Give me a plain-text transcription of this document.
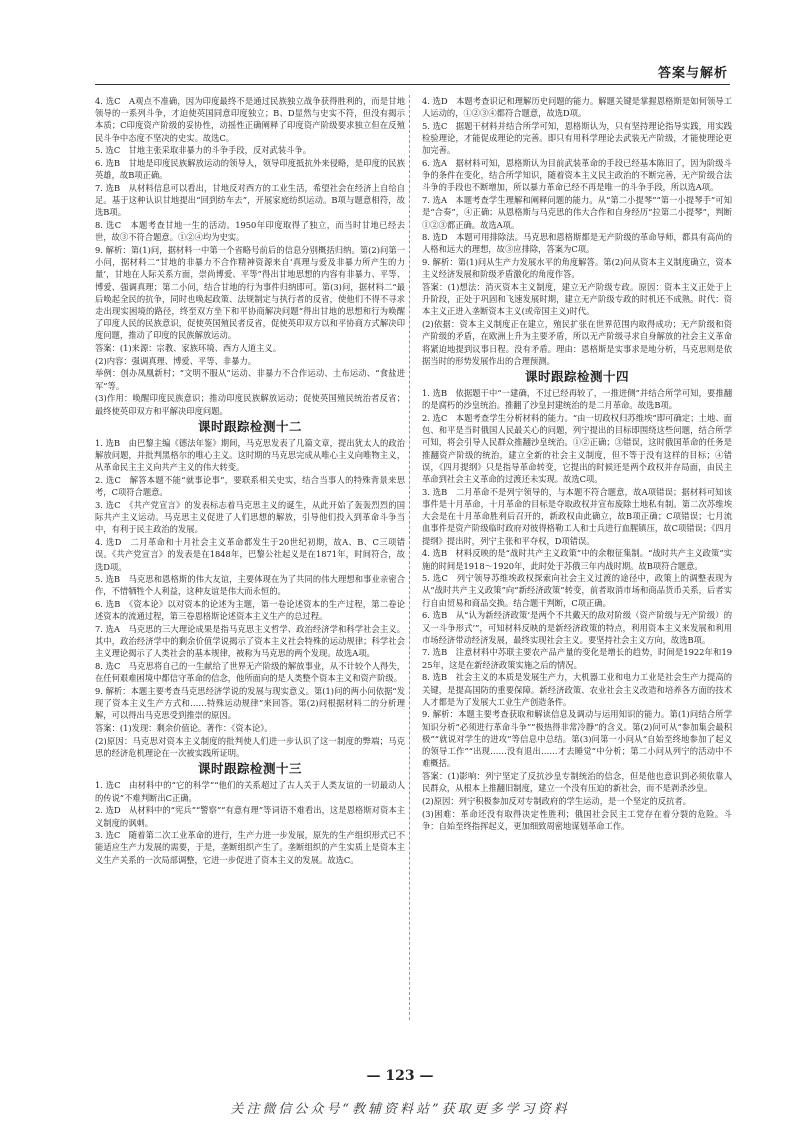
答案与解析
4. 选C　A观点不准确，因为印度最终不是通过民族独立战争获得胜利的，而是甘地领导的一系列斗争，才迫使英国同意印度独立；B、D显然与史实不符，但没有揭示本质；C印度资产阶级的妥协性，动摇性正确阐释了印度资产阶级要求独立但在反殖民斗争中态度不坚决的史实。故选C。
5. 选C　甘地主张采取非暴力的斗争手段，反对武装斗争。
6. 选B　甘地是印度民族解放运动的领导人，领导印度抵抗外来侵略，是印度的民族英雄，故B项正确。
7. 选B　从材料信息可以看出，甘地反对西方的工业生活，希望社会在经济上自给自足。基于这种认识甘地提出“回到纺车去”，开展家庭纺织运动。B项与题意相符，故选B项。
8. 选C　本题考查甘地一生的活动。1950年印度取得了独立，而当时甘地已经去世，故③不符合题意。①②④均为史实。
9. 解析：第(1)问，据材料一中第一个省略号前后的信息分别概括归纳。第(2)问第一小问，据材料二“甘地的非暴力不合作精神资源来自‘真理与爱及非暴力所产生的力量’，甘地在人际关系方面，崇尚博爱、平等”得出甘地思想的内容有非暴力、平等、博爱、强调真理；第二小问，结合甘地的行为事件归纳即可。第(3)问，据材料二“最后唤起全民的抗争，同时也唤起政策、法规制定与执行者的反省，使他们不得不寻求走出现实困境的路径，终至双方坐下和平协商解决问题”得出甘地的思想和行为唤醒了印度人民的民族意识，促使英国殖民者反省，促使英印双方以和平协商方式解决印度问题，推动了印度的民族解放运动。
答案：(1)来源：宗教、家族环境、西方人道主义。
(2)内容：强调真理、博爱、平等、非暴力。
举例：创办凤凰新村；“文明不服从”运动、非暴力不合作运动、土布运动、“食盐进军”等。
(3)作用：唤醒印度民族意识；推动印度民族解放运动；促使英国殖民统治者反省；最终使英印双方和平解决印度问题。
课时跟踪检测十二
1. 选B　由巴黎主编《德法年鉴》期间，马克思发表了几篇文章，提出犹太人的政治解放问题，并批判黑格尔的唯心主义。这时期的马克思完成从唯心主义向唯物主义，从革命民主主义向共产主义的伟大转变。
2. 选C　解答本题不能“就事论事”，要联系相关史实，结合当事人的特殊背景来思考，C项符合题意。
3. 选C　《共产党宣言》的发表标志着马克思主义的诞生，从此开始了轰轰烈烈的国际共产主义运动。马克思主义促进了人们思想的解放，引导他们投入到革命斗争当中，有利于民主政治的发展。
4. 选D　二月革命和十月社会主义革命都发生于20世纪初期，故A、B、C三项错误。《共产党宣言》的发表是在1848年，巴黎公社起义是在1871年，时间符合，故选D项。
5. 选B　马克思和恩格斯的伟大友谊，主要体现在为了共同的伟大理想和事业亲密合作，不惜牺牲个人利益，这种友谊是伟大而永恒的。
6. 选B　《资本论》以对资本的论述为主题，第一卷论述资本的生产过程，第二卷论述资本的流通过程，第三卷恩格斯论述资本主义生产的总过程。
7. 选A　马克思的三大理论成果是指马克思主义哲学、政治经济学和科学社会主义。其中，政治经济学中的剩余价值学说揭示了资本主义社会特殊的运动规律；科学社会主义理论揭示了人类社会的基本规律，被称为马克思的两个发现。故选A项。
8. 选C　马克思将自己的一生献给了世界无产阶级的解放事业，从不计较个人得失，在任何艰难困境中都信守革命的信念，他所面向的是人类整个资本主义和资产阶级。
9. 解析：本题主要考查马克思经济学说的发展与现实意义。第(1)问的两小问依据“发现了资本主义生产方式和……特殊运动规律”来回答。第(2)问根据材料二的分析理解，可以得出马克思受到推崇的原因。
答案：(1)发现：剩余价值论。著作：《资本论》。
(2)原因：马克思对资本主义制度的批判使人们进一步认识了这一制度的弊端；马克思的经济危机理论在一次被实践所证明。
课时跟踪检测十三
1. 选C　由材料中的“它的科学”“他们的关系超过了古人关于人类友谊的一切最动人的传说”不难判断出C正确。
2. 选D　从材料中的“宪兵”“警察”“有意有理”等词语不难看出，这是恩格斯对资本主义制度的讽刺。
3. 选C　随着第二次工业革命的进行，生产力进一步发展，原先的生产组织形式已不能适应生产力发展的需要，于是，垄断组织产生了。垄断组织的产生实质上是资本主义生产关系的一次局部调整，它进一步促进了资本主义的发展。故选C。
4. 选D　本题考查识记和理解历史问题的能力。解题关键是掌握恩格斯是如何领导工人运动的，①②③④都符合题意，故选D项。
5. 选C　据题干材料并结合所学可知，恩格斯认为，只有坚持理论指导实践，用实践检验理论，才能促成理论的完善。即只有用科学理论去武装无产阶级，才能使理论更加完善。
6. 选A　据材料可知，恩格斯认为目前武装革命的手段已经基本陈旧了，因为阶级斗争的条件在变化，结合所学知识，随着资本主义民主政治的不断完善，无产阶级合法斗争的手段也不断增加，所以暴力革命已经不再是唯一的斗争手段，所以选A项。
7. 选A　本题考查学生理解和阐释问题的能力。从“第二小提琴”“第一小提琴手”可知是“合奏”，④正确；从恩格斯与马克思的伟大合作和自身经历“拉第二小提琴”，判断①②③都正确。故选A项。
8. 选D　本题可用排除法。马克思和恩格斯都是无产阶级的革命导师，都具有高尚的人格和远大的理想，故③应排除，答案为C项。
9. 解析：第(1)问从生产力发展水平的角度解答。第(2)问从资本主义制度确立，资本主义经济发展和阶级矛盾激化的角度作答。
答案：(1)想法：消灭资本主义制度，建立无产阶级专政。原因：资本主义正处于上升阶段，正处于巩固和飞速发展时期，建立无产阶级专政的时机还不成熟。时代：资本主义正进入垄断资本主义(或帝国主义)时代。
(2)依据：资本主义制度正在建立，殖民扩张在世界范围内取得成功；无产阶级和资产阶级的矛盾，在欧洲上升为主要矛盾，所以无产阶级寻求自身解放的社会主义革命将紧迫地提到议事日程。没有矛盾。理由：恩格斯是实事求是地分析，马克思则是依据当时的形势发展作出的合理预测。
课时跟踪检测十四
1. 选B　依据题干中“一建确，不过已经再较了，一推进侧”并结合所学可知，要推翻的是腐朽的沙皇统治。推翻了沙皇封建统治的是二月革命。故选B项。
2. 选C　本题考查学生分析材料的能力。“由一切政权归苏维埃”即可确定；土地、面包、和平是当时俄国人民最关心的问题，列宁提出的目标即围绕这些问题，结合所学可知，将会引导人民群众推翻沙皇统治。①②正确；③错误，这时俄国革命的任务是推翻资产阶级的统治，建立全新的社会主义制度，但不等于没有这样的目标；④错误，《四月提纲》只是指导革命转变，它提出的时候还是两个政权并存局面，由民主革命到社会主义革命的过渡还未实现。故选C项。
3. 选B　二月革命不是列宁领导的，与本题不符合题意，故A项错误；据材料可知该事件是十月革命，十月革命的目标是夺取政权并宣布废除土地私有制。第二次苏维埃大会是在十月革命胜利后召开的，新政权由此确立，故B项正确；C项错误；七月流血事件是资产阶级临时政府对彼得格勒工人和士兵进行血腥镇压，故C项错误；《四月提纲》提出时，列宁主张和平夺权，D项错误。
4. 选B　材料反映的是“战时共产主义政策”中的余粮征集制。“战时共产主义政策”实施的时间是1918～1920年，此时处于苏俄三年内战时期。故B项符合题意。
5. 选C　列宁领导苏维埃政权探索向社会主义过渡的途径中，政策上的调整表现为从“战时共产主义政策”向“新经济政策”转变，前者取消市场和商品货币关系，后者实行自由贸易和商品交换。结合题干判断，C项正确。
6. 选B　从“认为新经济政策‘是两个不共戴天的敌对阶级（资产阶级与无产阶级）的又一斗争形式’”，可知材料反映的是新经济政策的特点，利用资本主义来发展和利用市场经济带动经济发展，最终实现社会主义。要坚持社会主义方向，故选B项。
7. 选B　注意材料中苏联主要农产品产量的变化是增长的趋势，时间是1922年和1925年，这是在新经济政策实施之后的情况。
8. 选B　社会主义的本质是发展生产力，大机器工业和电力工业是社会生产力提高的关键，是提高国防的重要保障。新经济政策、农业社会主义改造和培养各方面的技术人才都是为了发展大工业生产创造条件。
9. 解析：本题主要考查获取和解读信息及调动与运用知识的能力。第(1)问结合所学知识分析“必须进行革命斗争”“极热得非常冷静”的含义。第(2)问可从“参加集会最积极”“就说对学生的进攻”等信息中总结。第(3)问第一小问从“自始至终地参加了起义的领导工作”“出现……没有退出……才去睡觉”中分析；第二小问从列宁的活动中不难概括。
答案：(1)影响：列宁坚定了反抗沙皇专制统治的信念，但是他也意识到必须依靠人民群众，从根本上推翻旧制度，建立一个没有压迫的新社会，而不是剥杀沙皇。
(2)原因：列宁积极参加反对专制政府的学生运动，是一个坚定的反抗者。
(3)困难：革命还没有取得决定性胜利；俄国社会民主工党存在着分裂的危险。斗争：自始至终指挥起义，更加细致周密地谋划革命工作。
— 123 —
关注微信公众号“教辅资料站”获取更多学习资料
